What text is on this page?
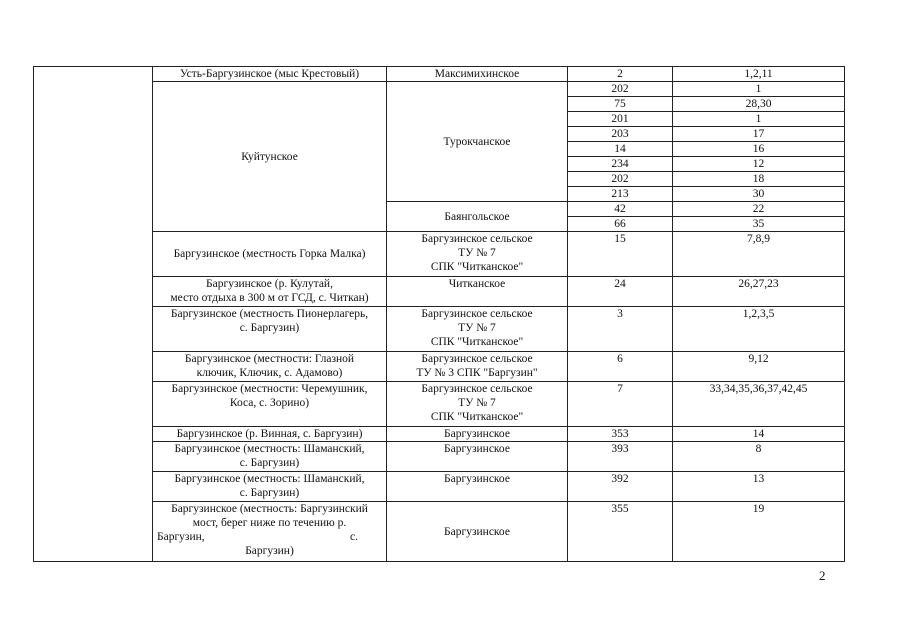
	Усть-Баргузинское (мыс Крестовый)	Максимихинское	2	1,2,11
	Куйтунское	Турокчанское	202	1
			75	28,30
			201	1
			203	17
			14	16
			234	12
			202	18
			213	30
		Баянгольское	42	22
			66	35
	Баргузинское (местность Горка Малка)	Баргузинское сельское
ТУ № 7
СПК "Читканское"	15	7,8,9

	Баргузинское (р. Кулутай,
место отдыха в 300 м от ГСД, с. Читкан)	Читканское	24	26,27,23

	Баргузинское (местность Пионерлагерь,
с. Баргузин)	Баргузинское сельское
ТУ № 7
СПК "Читканское"	3	1,2,3,5

	Баргузинское (местности: Глазной
ключик, Ключик, с. Адамово)	Баргузинское сельское
ТУ № 3 СПК "Баргузин"	6	9,12

	Баргузинское (местности: Черемушник,
Коса, с. Зорино)	Баргузинское сельское
ТУ № 7
СПК "Читканское"	7	33,34,35,36,37,42,45
	Баргузинское (р. Винная, с. Баргузин)	Баргузинское	353	14

	Баргузинское (местность: Шаманский,
с. Баргузин)	Баргузинское	393	8

	Баргузинское (местность: Шаманский,
с. Баргузин)	Баргузинское	392	13

	Баргузинское (местность: Баргузинский
мост, берег ниже по течению р.
Баргузин, с.
Баргузин)	Баргузинское	355	19
2
